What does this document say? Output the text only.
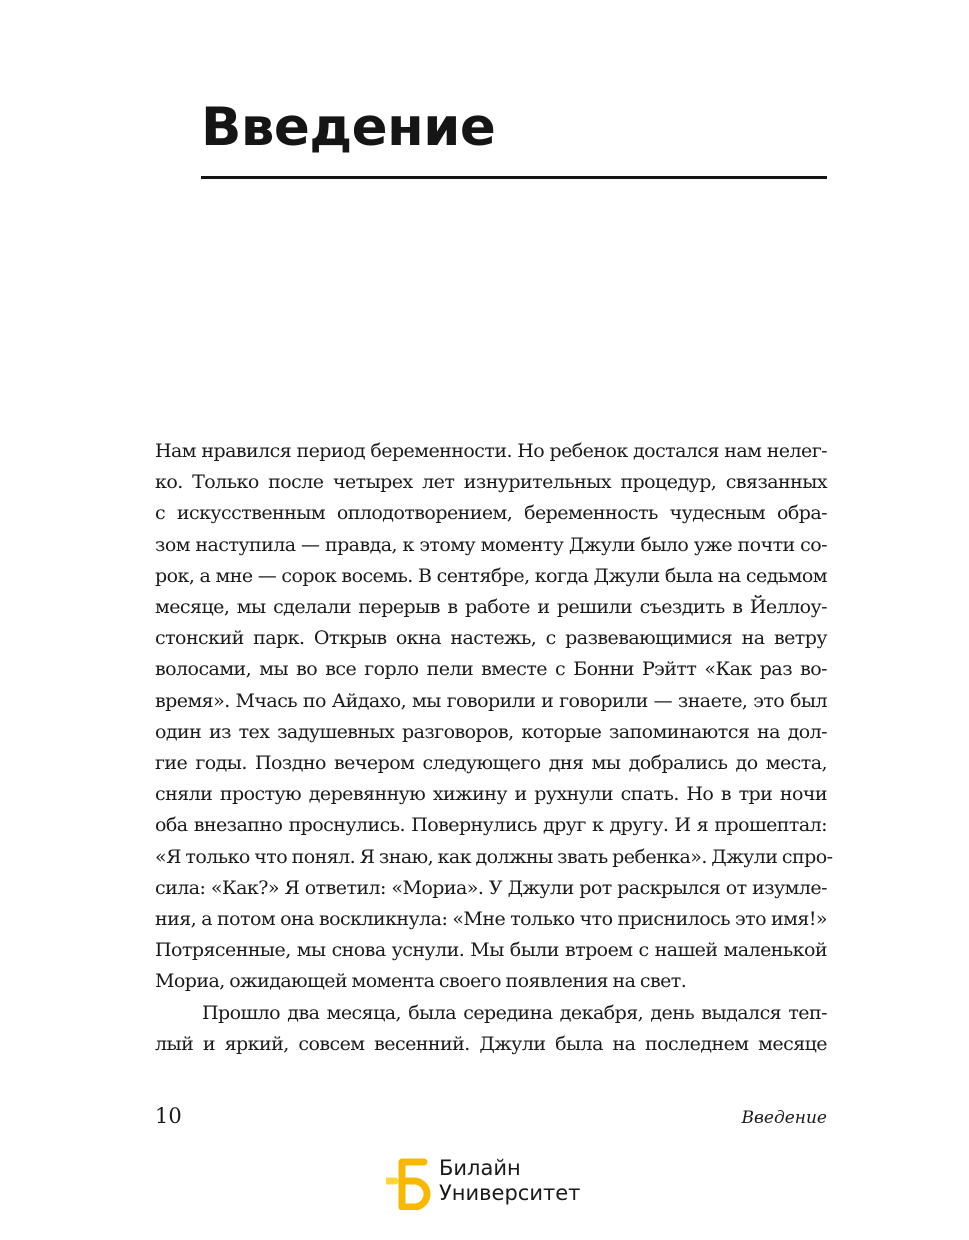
Введение
Нам нравился период беременности. Но ребенок достался нам нелег-
ко. Только после четырех лет изнурительных процедур, связанных
с искусственным оплодотворением, беременность чудесным обра-
зом наступила — правда, к этому моменту Джули было уже почти со-
рок, а мне — сорок восемь. В сентябре, когда Джули была на седьмом
месяце, мы сделали перерыв в работе и решили съездить в Йеллоу-
стонский парк. Открыв окна настежь, с развевающимися на ветру
волосами, мы во все горло пели вместе с Бонни Рэйтт «Как раз во-
время». Мчась по Айдахо, мы говорили и говорили — знаете, это был
один из тех задушевных разговоров, которые запоминаются на дол-
гие годы. Поздно вечером следующего дня мы добрались до места,
сняли простую деревянную хижину и рухнули спать. Но в три ночи
оба внезапно проснулись. Повернулись друг к другу. И я прошептал:
«Я только что понял. Я знаю, как должны звать ребенка». Джули спро-
сила: «Как?» Я ответил: «Мориа». У Джули рот раскрылся от изумле-
ния, а потом она воскликнула: «Мне только что приснилось это имя!»
Потрясенные, мы снова уснули. Мы были втроем с нашей маленькой
Мориа, ожидающей момента своего появления на свет.
Прошло два месяца, была середина декабря, день выдался теп-
лый и яркий, совсем весенний. Джули была на последнем месяце
10	Введение
Билайн
Университет
